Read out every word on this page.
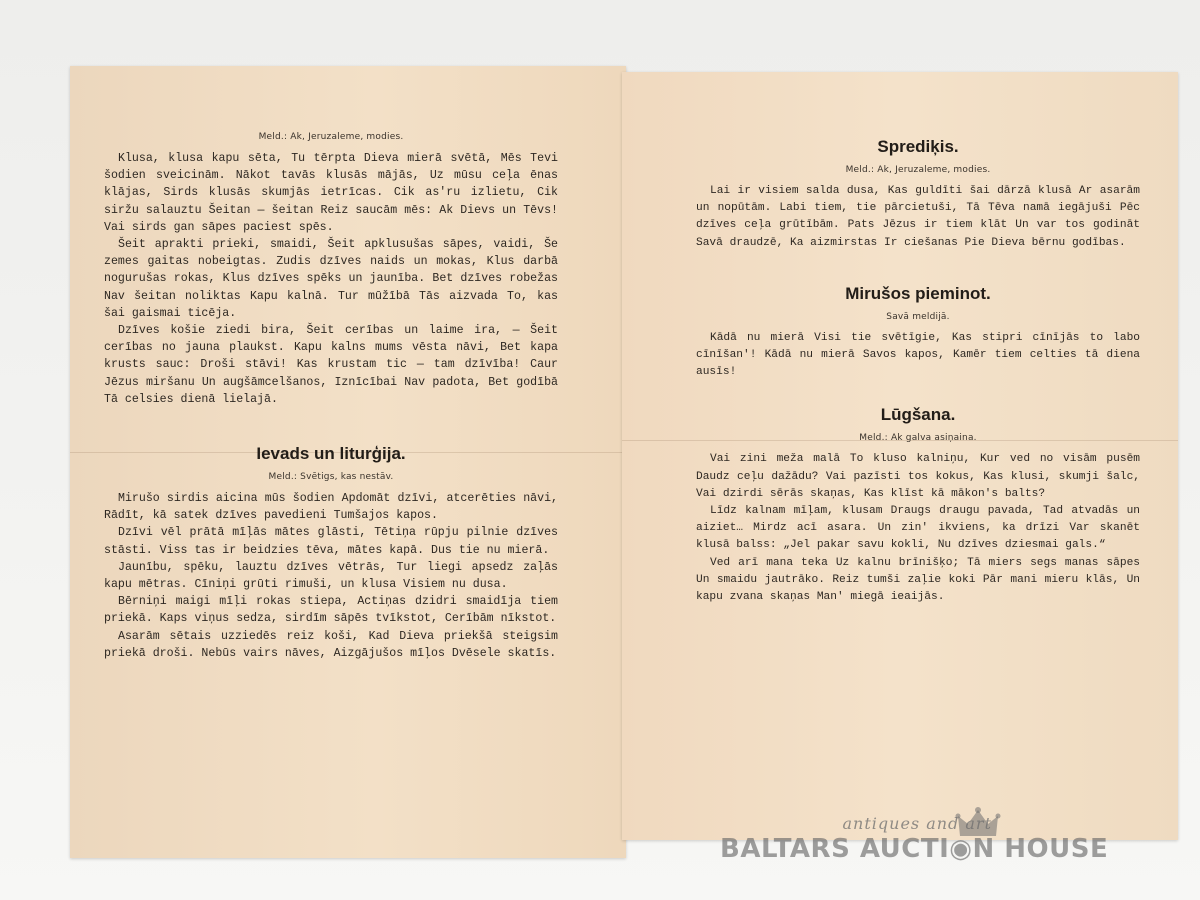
Meld.: Ak, Jeruzaleme, modies.

Klusa, klusa kapu sēta, Tu tērpta Dieva mierā svētā, Mēs Tevi šodien sveicinām. Nākot tavās klusās mājās, Uz mūsu ceļa ēnas klājas, Sirds klusās skumjās ietrīcas. Cik as'ru izlietu, Cik siržu salauztu Šeitan — šeitan Reiz saucām mēs: Ak Dievs un Tēvs! Vai sirds gan sāpes paciest spēs.

Šeit aprakti prieki, smaidi, Šeit apklusušas sāpes, vaidi, Še zemes gaitas nobeigtas. Zudis dzīves naids un mokas, Klus darbā nogurušas rokas, Klus dzīves spēks un jaunība. Bet dzīves robežas Nav šeitan noliktas Kapu kalnā. Tur mūžībā Tās aizvada To, kas šai gaismai ticēja.

Dzīves košie ziedi bira, Šeit cerības un laime ira, — Šeit cerības no jauna plaukst. Kapu kalns mums vēsta nāvi, Bet kapa krusts sauc: Droši stāvi! Kas krustam tic — tam dzīvība! Caur Jēzus miršanu Un augšāmcelšanos, Iznīcībai Nav padota, Bet godībā Tā celsies dienā lielajā.

Ievads un liturģija.
Meld.: Svētigs, kas nestāv.

Mirušo sirdis aicina mūs šodien Apdomāt dzīvi, atcerēties nāvi, Rādīt, kā satek dzīves pavedieni Tumšajos kapos.

Dzīvi vēl prātā mīļās mātes glāsti, Tētiņa rūpju pilnie dzīves stāsti. Viss tas ir beidzies tēva, mātes kapā. Dus tie nu mierā.

Jaunību, spēku, lauztu dzīves vētrās, Tur liegi apsedz zaļās kapu mētras. Cīniņi grūti rimuši, un klusa Visiem nu dusa.

Bērniņi maigi mīļi rokas stiepa, Actiņas dzidri smaidīja tiem priekā. Kaps viņus sedza, sirdīm sāpēs tvīkstot, Cerībām nīkstot.

Asarām sētais uzziedēs reiz koši, Kad Dieva priekšā steigsim priekā droši. Nebūs vairs nāves, Aizgājušos mīļos Dvēsele skatīs.

Sprediķis.
Meld.: Ak, Jeruzaleme, modies.

Lai ir visiem salda dusa, Kas guldīti šai dārzā klusā Ar asarām un nopūtām. Labi tiem, tie pārcietuši, Tā Tēva namā iegājuši Pēc dzīves ceļa grūtībām. Pats Jēzus ir tiem klāt Un var tos godināt Savā draudzē, Ka aizmirstas Ir ciešanas Pie Dieva bērnu godības.

Mirušos pieminot.
Savā meldijā.

Kādā nu mierā Visi tie svētīgie, Kas stipri cīnījās to labo cīnīšan'! Kādā nu mierā Savos kapos, Kamēr tiem celties tā diena ausīs!

Lūgšana.
Meld.: Ak galva asiņaina.

Vai zini meža malā To kluso kalniņu, Kur ved no visām pusēm Daudz ceļu dažādu? Vai pazīsti tos kokus, Kas klusi, skumji šalc, Vai dzirdi sērās skaņas, Kas klīst kā mākon's balts?

Līdz kalnam mīļam, klusam Draugs draugu pavada, Tad atvadās un aiziet… Mirdz acī asara. Un zin' ikviens, ka drīzi Var skanēt klusā balss: „Jel pakar savu kokli, Nu dzīves dziesmai gals.“

Ved arī mana teka Uz kalnu brīnišķo; Tā miers segs manas sāpes Un smaidu jautrāko. Reiz tumši zaļie koki Pār mani mieru klās, Un kapu zvana skaņas Man' miegā ieaijās.

antiques and art
BALTARS AUCTI◉N HOUSE
